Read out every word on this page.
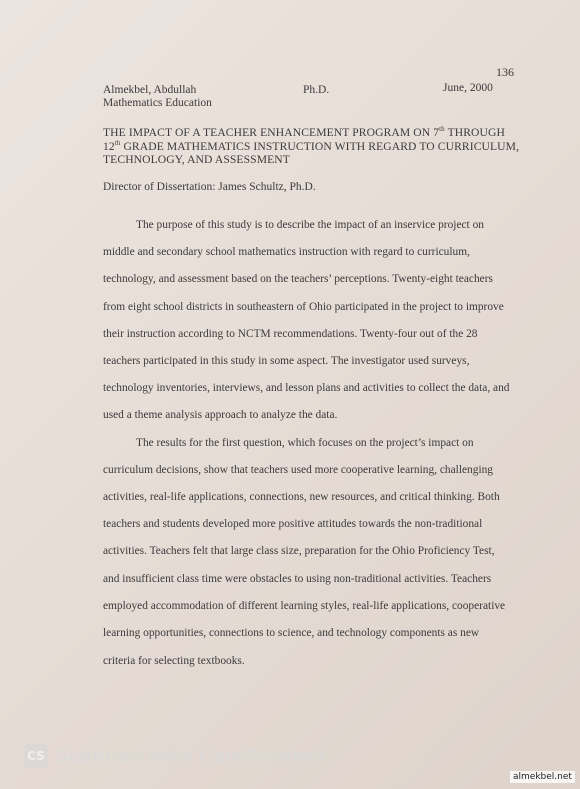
136
Almekbel, Abdullah
Mathematics Education
Ph.D.	June, 2000
THE IMPACT OF A TEACHER ENHANCEMENT PROGRAM ON 7th THROUGH
12th GRADE MATHEMATICS INSTRUCTION WITH REGARD TO CURRICULUM,
TECHNOLOGY, AND ASSESSMENT
Director of Dissertation: James Schultz, Ph.D.
The purpose of this study is to describe the impact of an inservice project on
middle and secondary school mathematics instruction with regard to curriculum,
technology, and assessment based on the teachers’ perceptions. Twenty-eight teachers
from eight school districts in southeastern of Ohio participated in the project to improve
their instruction according to NCTM recommendations. Twenty-four out of the 28
teachers participated in this study in some aspect. The investigator used surveys,
technology inventories, interviews, and lesson plans and activities to collect the data, and
used a theme analysis approach to analyze the data.
The results for the first question, which focuses on the project’s impact on
curriculum decisions, show that teachers used more cooperative learning, challenging
activities, real-life applications, connections, new resources, and critical thinking. Both
teachers and students developed more positive attitudes towards the non-traditional
activities. Teachers felt that large class size, preparation for the Ohio Proficiency Test,
and insufficient class time were obstacles to using non-traditional activities. Teachers
employed accommodation of different learning styles, real-life applications, cooperative
learning opportunities, connections to science, and technology components as new
criteria for selecting textbooks.
CS Scanned with CamScanner
almekbel.net
